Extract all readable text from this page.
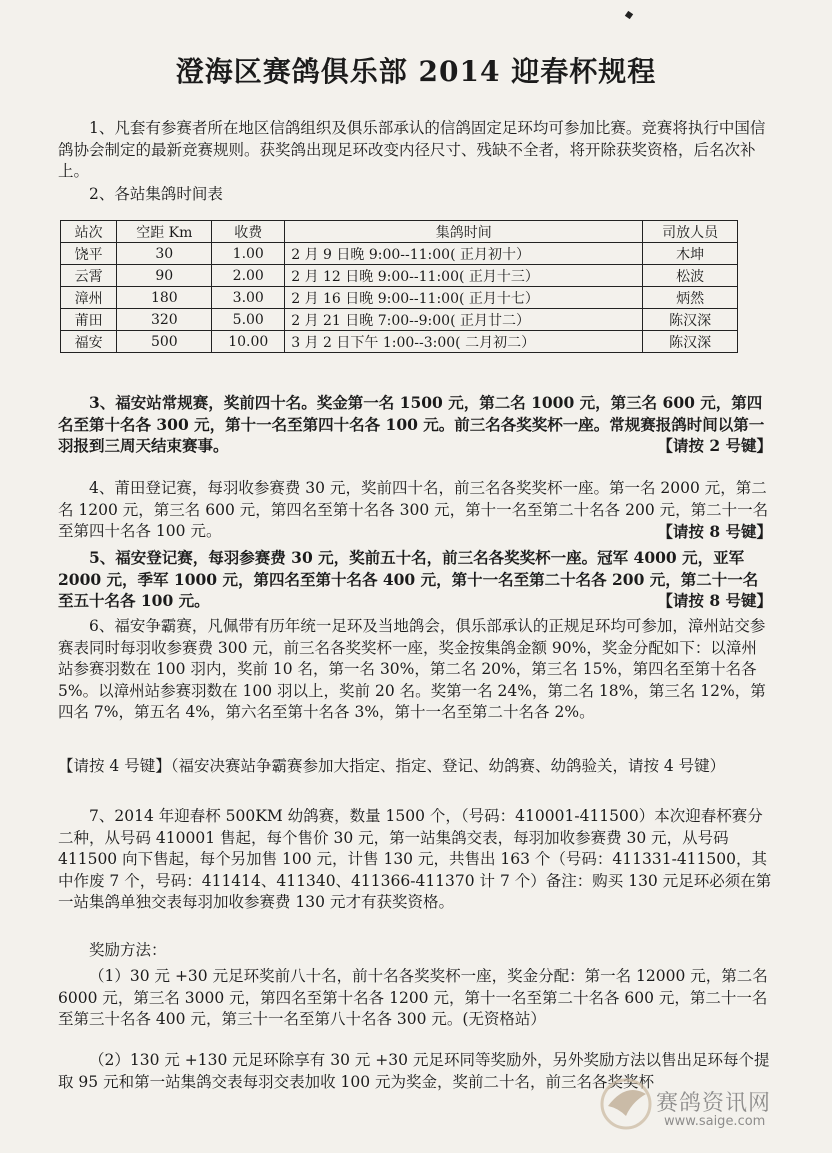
澄海区赛鸽俱乐部 2014 迎春杯规程

1、凡套有参赛者所在地区信鸽组织及俱乐部承认的信鸽固定足环均可参加比赛。竞赛将执行中国信鸽协会制定的最新竞赛规则。获奖鸽出现足环改变内径尺寸、残缺不全者，将开除获奖资格，后名次补上。

2、各站集鸽时间表

站次	空距 Km	收费	集鸽时间	司放人员
饶平	30	1.00	2 月 9 日晚 9:00--11:00( 正月初十）	木坤
云霄	90	2.00	2 月 12 日晚 9:00--11:00( 正月十三）	松波
漳州	180	3.00	2 月 16 日晚 9:00--11:00( 正月十七）	炳然
莆田	320	5.00	2 月 21 日晚 7:00--9:00( 正月廿二）	陈汉深
福安	500	10.00	3 月 2 日下午 1:00--3:00( 二月初二）	陈汉深

3、福安站常规赛，奖前四十名。奖金第一名 1500 元，第二名 1000 元，第三名 600 元，第四名至第十名各 300 元，第十一名至第四十名各 100 元。前三名各奖奖杯一座。常规赛报鸽时间以第一羽报到三周天结束赛事。	【请按 2 号键】

4、莆田登记赛，每羽收参赛费 30 元，奖前四十名，前三名各奖奖杯一座。第一名 2000 元，第二名 1200 元，第三名 600 元，第四名至第十名各 300 元，第十一名至第二十名各 200 元，第二十一名至第四十名各 100 元。	【请按 8 号键】

5、福安登记赛，每羽参赛费 30 元，奖前五十名，前三名各奖奖杯一座。冠军 4000 元，亚军 2000 元，季军 1000 元，第四名至第十名各 400 元，第十一名至第二十名各 200 元，第二十一名至五十名各 100 元。	【请按 8 号键】

6、福安争霸赛，凡佩带有历年统一足环及当地鸽会，俱乐部承认的正规足环均可参加，漳州站交参赛表同时每羽收参赛费 300 元，前三名各奖奖杯一座，奖金按集鸽金额 90%，奖金分配如下：以漳州站参赛羽数在 100 羽内，奖前 10 名，第一名 30%，第二名 20%，第三名 15%，第四名至第十名各 5%。以漳州站参赛羽数在 100 羽以上，奖前 20 名。奖第一名 24%，第二名 18%，第三名 12%，第四名 7%，第五名 4%，第六名至第十名各 3%，第十一名至第二十名各 2%。

【请按 4 号键】（福安决赛站争霸赛参加大指定、指定、登记、幼鸽赛、幼鸽验关，请按 4 号键）

7、2014 年迎春杯 500KM 幼鸽赛，数量 1500 个，（号码：410001-411500）本次迎春杯赛分二种，从号码 410001 售起，每个售价 30 元，第一站集鸽交表，每羽加收参赛费 30 元，从号码 411500 向下售起，每个另加售 100 元，计售 130 元，共售出 163 个（号码：411331-411500，其中作废 7 个，号码：411414、411340、411366-411370 计 7 个）备注：购买 130 元足环必须在第一站集鸽单独交表每羽加收参赛费 130 元才有获奖资格。

奖励方法：

（1）30 元 +30 元足环奖前八十名，前十名各奖奖杯一座，奖金分配：第一名 12000 元，第二名 6000 元，第三名 3000 元，第四名至第十名各 1200 元，第十一名至第二十名各 600 元，第二十一名至第三十名各 400 元，第三十一名至第八十名各 300 元。(无资格站）

（2）130 元 +130 元足环除享有 30 元 +30 元足环同等奖励外，另外奖励方法以售出足环每个提取 95 元和第一站集鸽交表每羽交表加收 100 元为奖金，奖前二十名，前三名各奖奖杯

赛鸽资讯网
www.saige.com
